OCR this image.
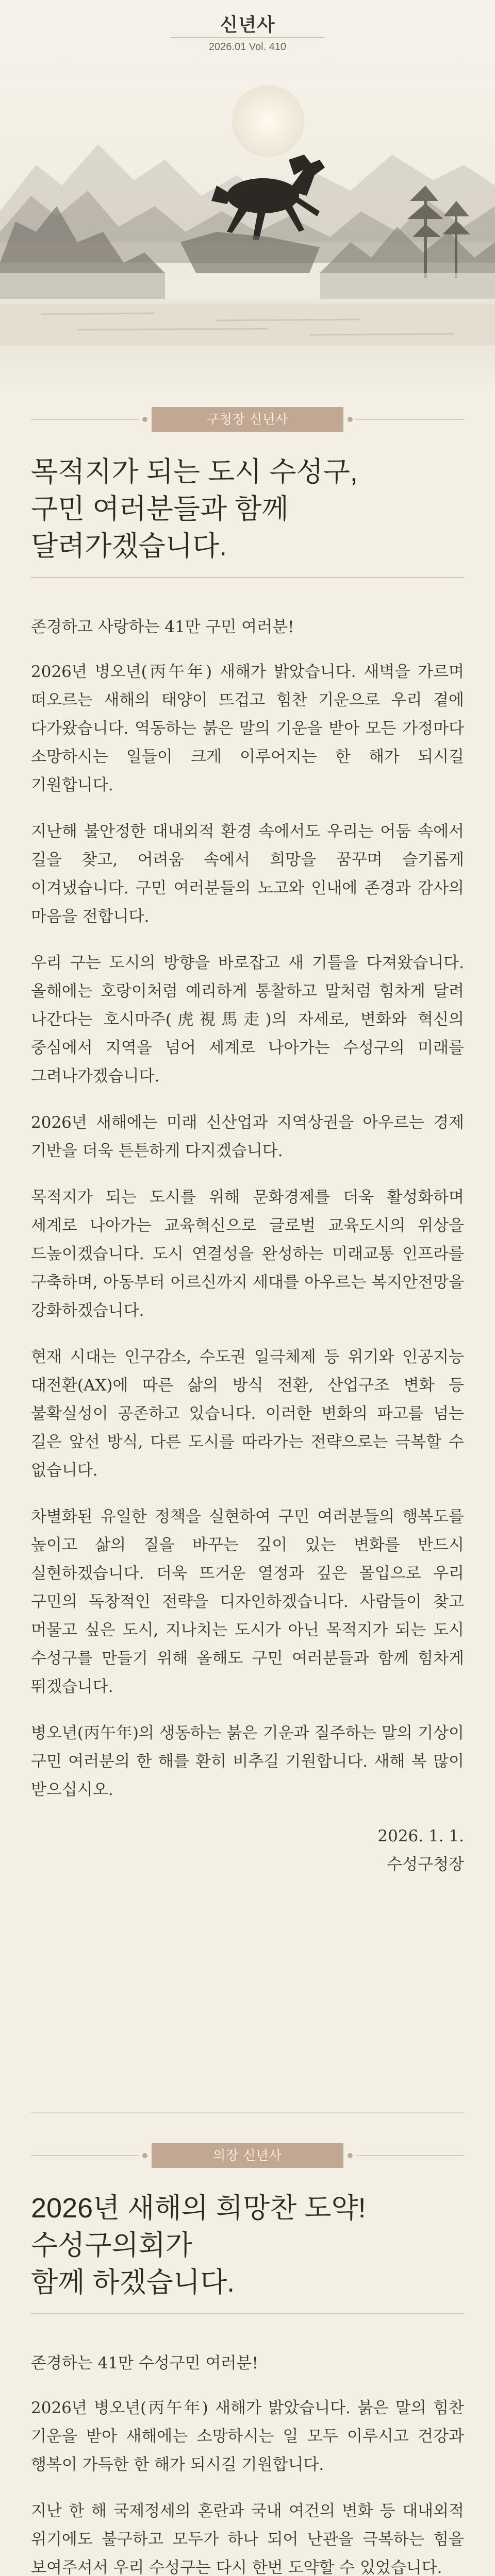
신년사
2026.01 Vol. 410
구청장 신년사
목적지가 되는 도시 수성구,
구민 여러분들과 함께
달려가겠습니다.

존경하고 사랑하는 41만 구민 여러분!

2026년 병오년(丙午年) 새해가 밝았습니다. 새벽을 가르며 떠오르는 새해의 태양이 뜨겁고 힘찬 기운으로 우리 곁에 다가왔습니다. 역동하는 붉은 말의 기운을 받아 모든 가정마다 소망하시는 일들이 크게 이루어지는 한 해가 되시길 기원합니다.

지난해 불안정한 대내외적 환경 속에서도 우리는 어둠 속에서 길을 찾고, 어려움 속에서 희망을 꿈꾸며 슬기롭게 이겨냈습니다. 구민 여러분들의 노고와 인내에 존경과 감사의 마음을 전합니다.

우리 구는 도시의 방향을 바로잡고 새 기틀을 다져왔습니다. 올해에는 호랑이처럼 예리하게 통찰하고 말처럼 힘차게 달려 나간다는 호시마주(虎視馬走)의 자세로, 변화와 혁신의 중심에서 지역을 넘어 세계로 나아가는 수성구의 미래를 그려나가겠습니다.

2026년 새해에는 미래 신산업과 지역상권을 아우르는 경제 기반을 더욱 튼튼하게 다지겠습니다.

목적지가 되는 도시를 위해 문화경제를 더욱 활성화하며 세계로 나아가는 교육혁신으로 글로벌 교육도시의 위상을 드높이겠습니다. 도시 연결성을 완성하는 미래교통 인프라를 구축하며, 아동부터 어르신까지 세대를 아우르는 복지안전망을 강화하겠습니다.

현재 시대는 인구감소, 수도권 일극체제 등 위기와 인공지능 대전환(AX)에 따른 삶의 방식 전환, 산업구조 변화 등 불확실성이 공존하고 있습니다. 이러한 변화의 파고를 넘는 길은 앞선 방식, 다른 도시를 따라가는 전략으로는 극복할 수 없습니다.

차별화된 유일한 정책을 실현하여 구민 여러분들의 행복도를 높이고 삶의 질을 바꾸는 깊이 있는 변화를 반드시 실현하겠습니다. 더욱 뜨거운 열정과 깊은 몰입으로 우리 구민의 독창적인 전략을 디자인하겠습니다. 사람들이 찾고 머물고 싶은 도시, 지나치는 도시가 아닌 목적지가 되는 도시 수성구를 만들기 위해 올해도 구민 여러분들과 함께 힘차게 뛰겠습니다.

병오년(丙午年)의 생동하는 붉은 기운과 질주하는 말의 기상이 구민 여러분의 한 해를 환히 비추길 기원합니다. 새해 복 많이 받으십시오.

2026. 1. 1.
수성구청장
의장 신년사
2026년 새해의 희망찬 도약!
수성구의회가
함께 하겠습니다.

존경하는 41만 수성구민 여러분!

2026년 병오년(丙午年) 새해가 밝았습니다. 붉은 말의 힘찬 기운을 받아 새해에는 소망하시는 일 모두 이루시고 건강과 행복이 가득한 한 해가 되시길 기원합니다.

지난 한 해 국제정세의 혼란과 국내 여건의 변화 등 대내외적 위기에도 불구하고 모두가 하나 되어 난관을 극복하는 힘을 보여주셔서 우리 수성구는 다시 한번 도약할 수 있었습니다.
